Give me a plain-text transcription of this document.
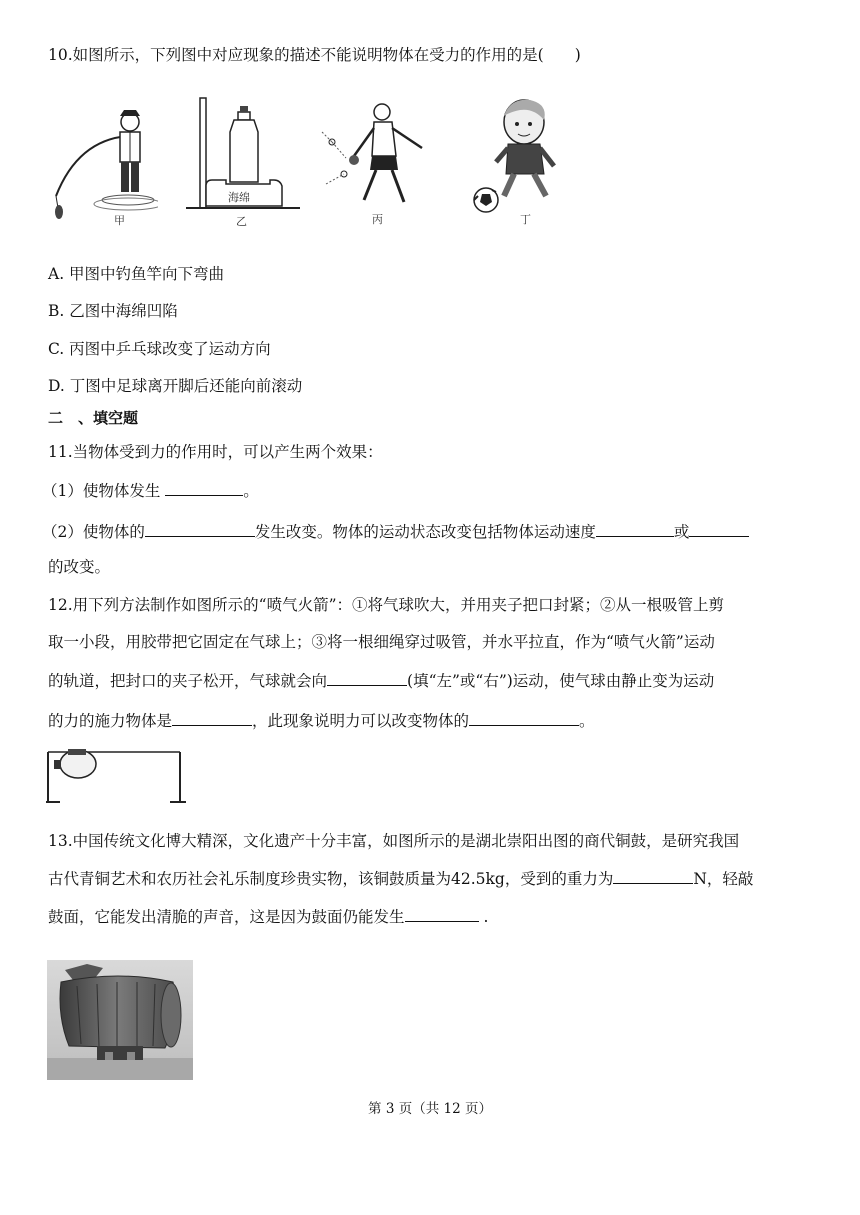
10.如图所示，下列图中对应现象的描述不能说明物体在受力的作用的是(　　)
甲
海绵
乙	丙	丁
A. 甲图中钓鱼竿向下弯曲
B. 乙图中海绵凹陷
C. 丙图中乒乓球改变了运动方向
D. 丁图中足球离开脚后还能向前滚动
二　、填空题
11.当物体受到力的作用时，可以产生两个效果：
（1）使物体发生	。
（2）使物体的	发生改变。物体的运动状态改变包括物体运动速度	或
的改变。
12.用下列方法制作如图所示的“喷气火箭”：①将气球吹大，并用夹子把口封紧；②从一根吸管上剪
取一小段，用胶带把它固定在气球上；③将一根细绳穿过吸管，并水平拉直，作为“喷气火箭”运动
的轨道，把封口的夹子松开，气球就会向	(填“左”或“右”)运动，使气球由静止变为运动
的力的施力物体是	，此现象说明力可以改变物体的	。
13.中国传统文化博大精深，文化遗产十分丰富，如图所示的是湖北崇阳出图的商代铜鼓，是研究我国
古代青铜艺术和农历社会礼乐制度珍贵实物，该铜鼓质量为42.5kg，受到的重力为	N，轻敲
鼓面，它能发出清脆的声音，这是因为鼓面仍能发生	.
第 3 页（共 12 页）
